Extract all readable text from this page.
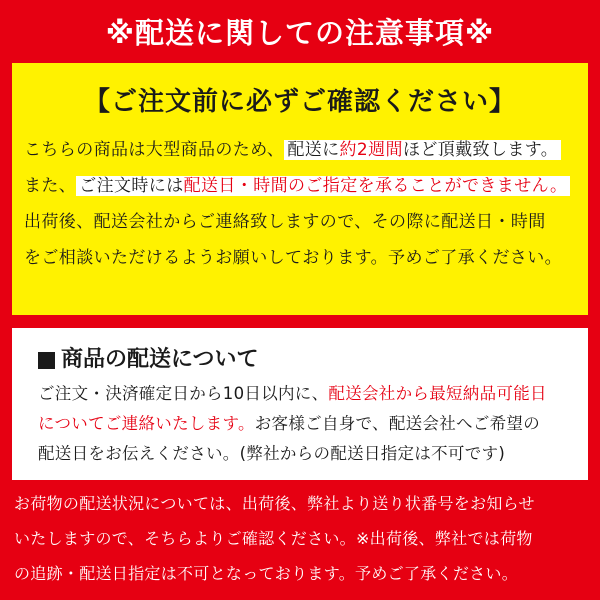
※配送に関しての注意事項※
【ご注文前に必ずご確認ください】
こちらの商品は大型商品のため、 配送に約2週間ほど頂戴致します。
また、 ご注文時には配送日・時間のご指定を承ることができません。
出荷後、配送会社からご連絡致しますので、その際に配送日・時間
をご相談いただけるようお願いしております。予めご了承ください。
商品の配送について
ご注文・決済確定日から10日以内に、配送会社から最短納品可能日
についてご連絡いたします。お客様ご自身で、配送会社へご希望の
配送日をお伝えください。(弊社からの配送日指定は不可です)
お荷物の配送状況については、出荷後、弊社より送り状番号をお知らせ
いたしますので、そちらよりご確認ください。※出荷後、弊社では荷物
の追跡・配送日指定は不可となっております。予めご了承ください。
